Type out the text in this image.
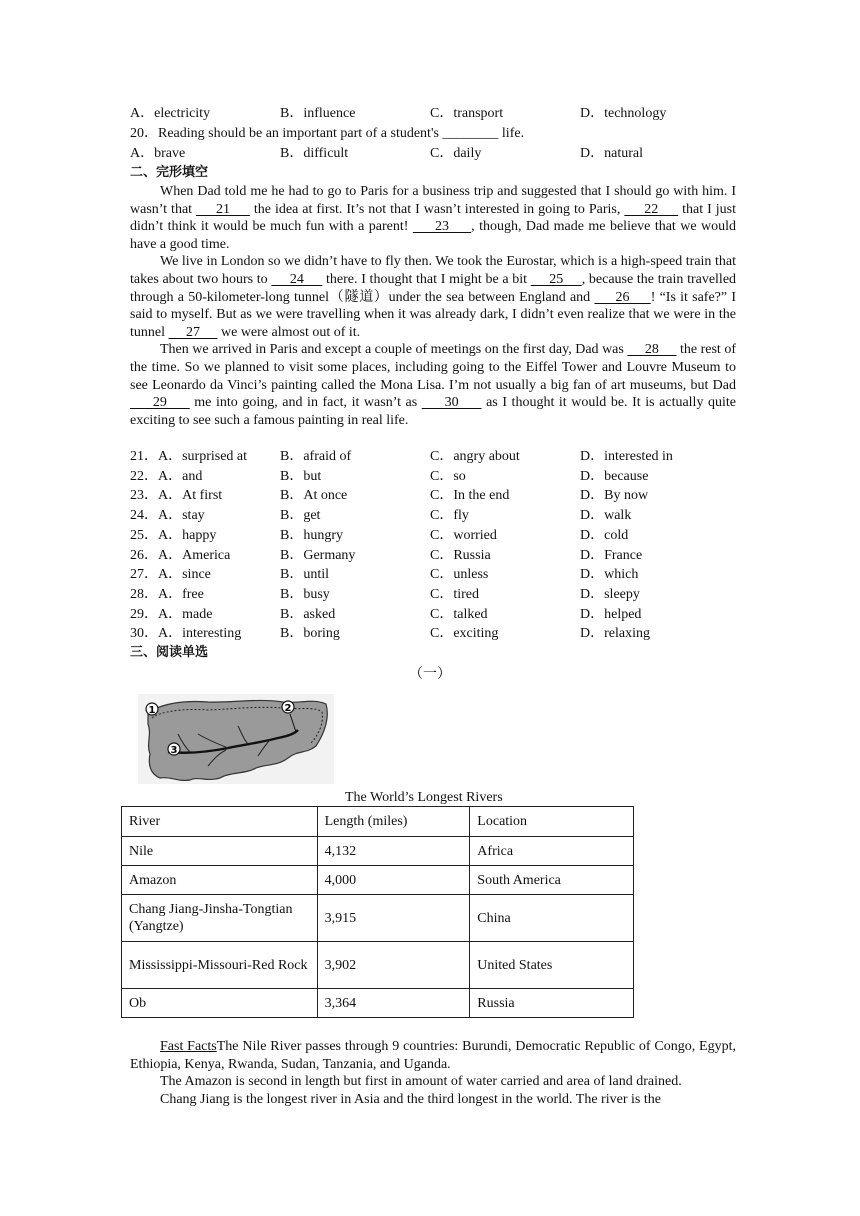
A．electricity	B．influence	C．transport	D．technology
20．Reading should be an important part of a student's ________ life.
A．brave	B．difficult	C．daily	D．natural
二、完形填空

When Dad told me he had to go to Paris for a business trip and suggested that I should go with him. I wasn’t that      21      the idea at first. It’s not that I wasn’t interested in going to Paris,      22      that I just didn’t think it would be much fun with a parent!      23     , though, Dad made me believe that we would have a good time.

We live in London so we didn’t have to fly then. We took the Eurostar, which is a high-speed train that takes about two hours to      24      there. I thought that I might be a bit      25     , because the train travelled through a 50-kilometer-long tunnel（隧道）under the sea between England and      26     ! “Is it safe?” I said to myself. But as we were travelling when it was already dark, I didn’t even realize that we were in the tunnel      27      we were almost out of it.

Then we arrived in Paris and except a couple of meetings on the first day, Dad was      28      the rest of the time. So we planned to visit some places, including going to the Eiffel Tower and Louvre Museum to see Leonardo da Vinci’s painting called the Mona Lisa. I’m not usually a big fan of art museums, but Dad      29      me into going, and in fact, it wasn’t as      30      as I thought it would be. It is actually quite exciting to see such a famous painting in real life.

21．A．surprised at B．afraid of	C．angry about	D．interested in
22．A．and	B．but	C．so	D．because
23．A．At first	B．At once	C．In the end	D．By now
24．A．stay	B．get	C．fly	D．walk
25．A．happy	B．hungry	C．worried	D．cold
26．A．America	B．Germany	C．Russia	D．France
27．A．since	B．until	C．unless	D．which
28．A．free	B．busy	C．tired	D．sleepy
29．A．made	B．asked	C．talked	D．helped
30．A．interesting	B．boring	C．exciting	D．relaxing
三、阅读单选
（一）
1	2
3
The World’s Longest Rivers
River	Length (miles)	Location
Nile	4,132	Africa
Amazon	4,000	South America
Chang Jiang-Jinsha-Tongtian (Yangtze)	3,915	China
Mississippi-Missouri-Red Rock	3,902	United States
Ob	3,364	Russia

Fast FactsThe Nile River passes through 9 countries: Burundi, Democratic Republic of Congo, Egypt, Ethiopia, Kenya, Rwanda, Sudan, Tanzania, and Uganda.

The Amazon is second in length but first in amount of water carried and area of land drained.

Chang Jiang is the longest river in Asia and the third longest in the world. The river is the
